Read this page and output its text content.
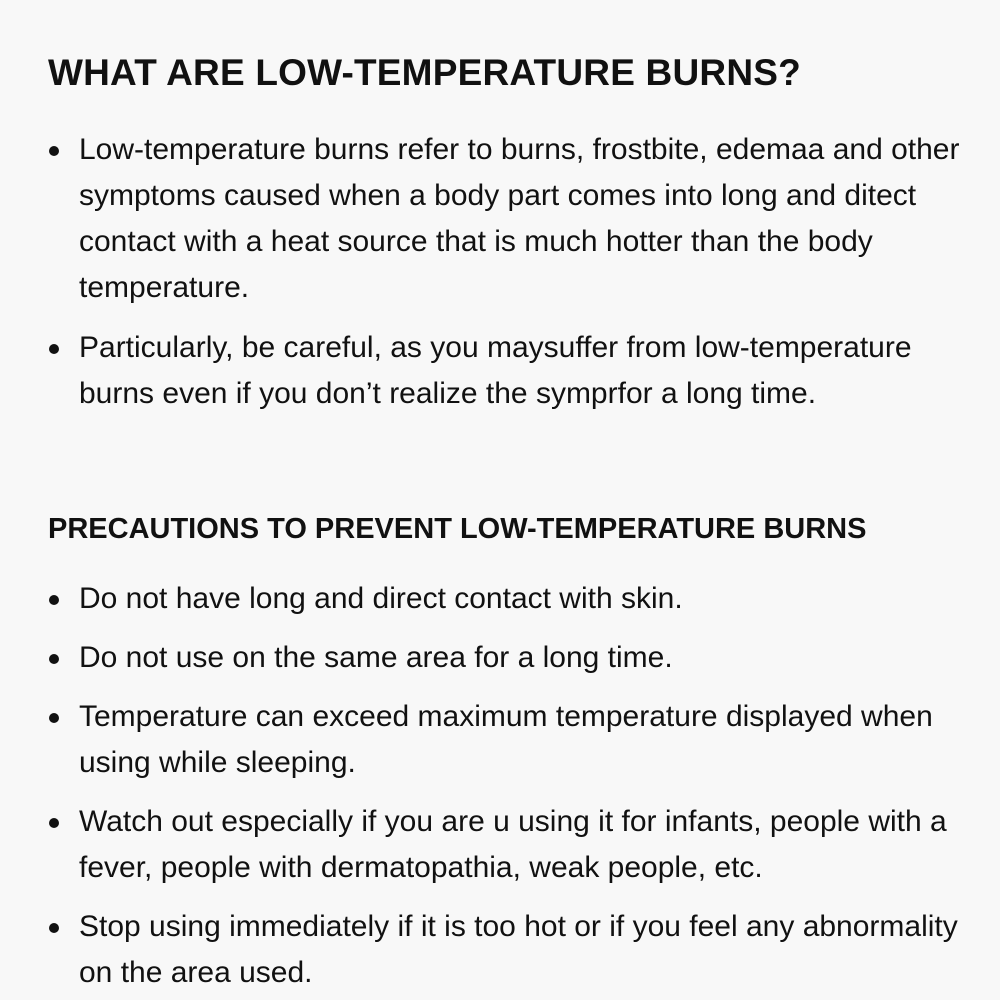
WHAT ARE LOW-TEMPERATURE BURNS?
Low-temperature burns refer to burns, frostbite, edemaa and other symptoms caused when a body part comes into long and ditect contact with a heat source that is much hotter than the body temperature.
Particularly, be careful, as you maysuffer from low-temperature burns even if you don’t realize the symprfor a long time.
PRECAUTIONS TO PREVENT LOW-TEMPERATURE BURNS
Do not have long and direct contact with skin.
Do not use on the same area for a long time.
Temperature can exceed maximum temperature displayed when using while sleeping.
Watch out especially if you are u using it for infants, people with a fever, people with dermatopathia, weak people, etc.
Stop using immediately if it is too hot or if you feel any abnormality on the area used.
